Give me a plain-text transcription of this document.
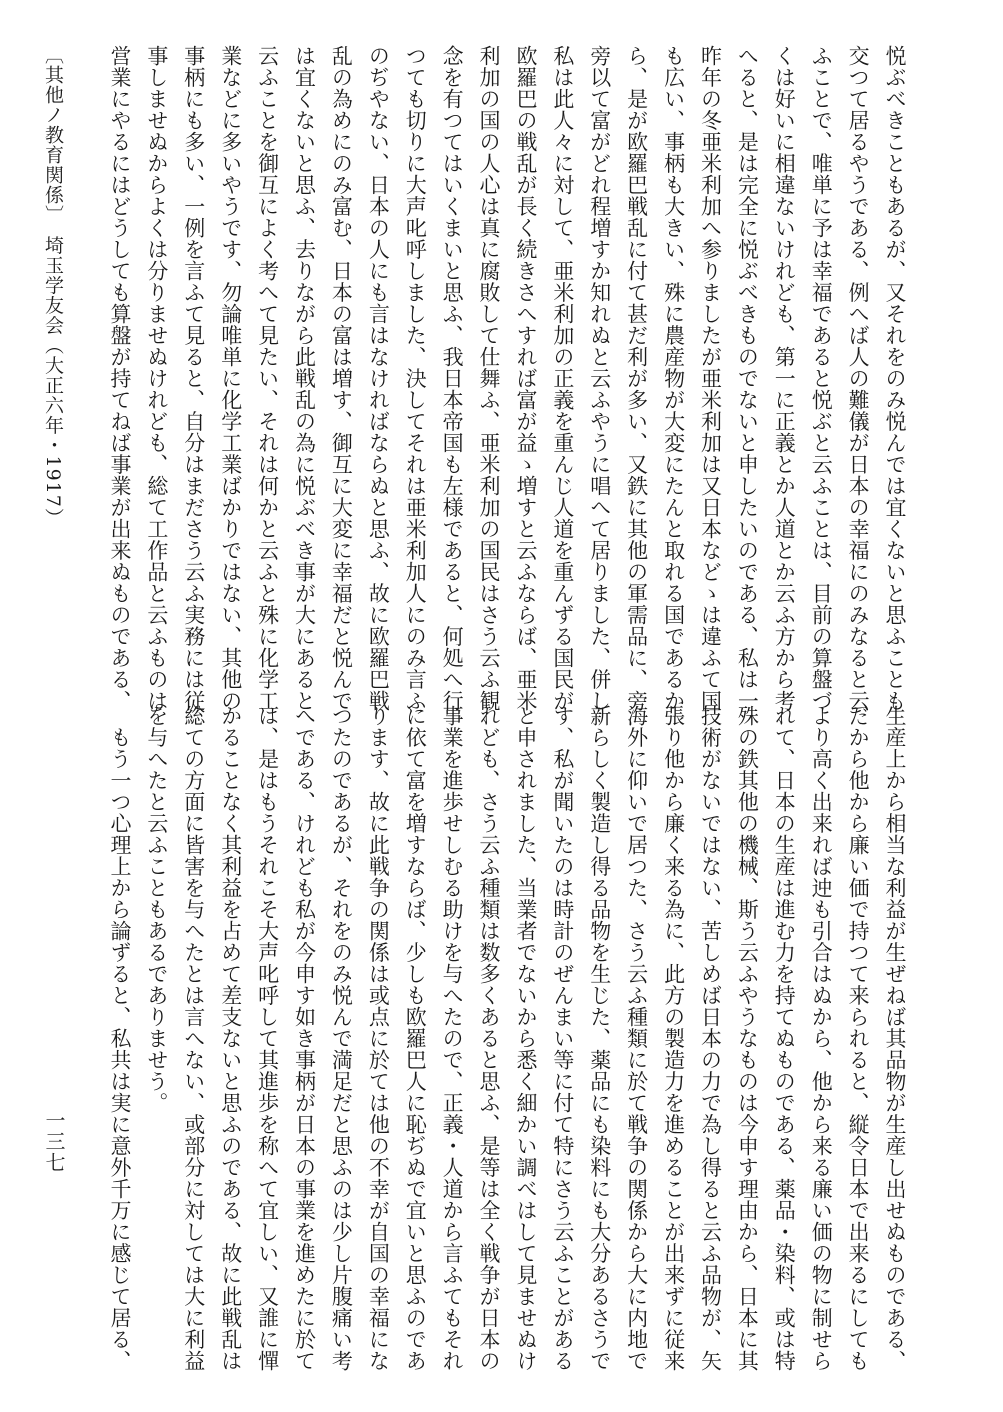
悦ぶべきこともあるが、又それをのみ悦んでは宜くないと思ふことも
交つて居るやうである、例へば人の難儀が日本の幸福にのみなると云
ふことで、唯単に予は幸福であると悦ぶと云ふことは、目前の算盤づ
くは好いに相違ないけれども、第一に正義とか人道とか云ふ方から考
へると、是は完全に悦ぶべきものでないと申したいのである、私は一
昨年の冬亜米利加へ参りましたが亜米利加は又日本などゝは違ふて国
も広い、事柄も大きい、殊に農産物が大変にたんと取れる国であるか
ら、是が欧羅巴戦乱に付て甚だ利が多い、又鉄に其他の軍需品に、旁
旁以て富がどれ程増すか知れぬと云ふやうに唱へて居りました、併し
私は此人々に対して、亜米利加の正義を重んじ人道を重んずる国民が
欧羅巴の戦乱が長く続きさへすれば富が益ゝ増すと云ふならば、亜米
利加の国の人心は真に腐敗して仕舞ふ、亜米利加の国民はさう云ふ観
念を有つてはいくまいと思ふ、我日本帝国も左様であると、何処へ行
つても切りに大声叱呼しました、決してそれは亜米利加人にのみ言ふ
のぢやない、日本の人にも言はなければならぬと思ふ、故に欧羅巴戦
乱の為めにのみ富む、日本の富は増す、御互に大変に幸福だと悦んで
は宜くないと思ふ、去りながら此戦乱の為に悦ぶべき事が大にあると
云ふことを御互によく考へて見たい、それは何かと云ふと殊に化学工
業などに多いやうです、勿論唯単に化学工業ばかりではない、其他の
事柄にも多い、一例を言ふて見ると、自分はまださう云ふ実務には従
事しませぬからよくは分りませぬけれども、総て工作品と云ふものは
営業にやるにはどうしても算盤が持てねば事業が出来ぬものである、
生産上から相当な利益が生ぜねば其品物が生産し出せぬものである、
だから他から廉い価で持つて来られると、縦令日本で出来るにしても
より高く出来れば迚も引合はぬから、他から来る廉い価の物に制せら
れて、日本の生産は進む力を持てぬものである、薬品・染料、或は特
殊の鉄其他の機械、斯う云ふやうなものは今申す理由から、日本に其
技術がないではない、苦しめば日本の力で為し得ると云ふ品物が、矢
張り他から廉く来る為に、此方の製造力を進めることが出来ずに従来
海外に仰いで居つた、さう云ふ種類に於て戦争の関係から大に内地で
新らしく製造し得る品物を生じた、薬品にも染料にも大分あるさうで
す、私が聞いたのは時計のぜんまい等に付て特にさう云ふことがある
と申されました、当業者でないから悉く細かい調べはして見ませぬけ
れども、さう云ふ種類は数多くあると思ふ、是等は全く戦争が日本の
事業を進歩せしむる助けを与へたので、正義・人道から言ふてもそれ
に依て富を増すならば、少しも欧羅巴人に恥ぢぬで宜いと思ふのであ
ります、故に此戦争の関係は或点に於ては他の不幸が自国の幸福にな
つたのであるが、それをのみ悦んで満足だと思ふのは少し片腹痛い考
へである、けれども私が今申す如き事柄が日本の事業を進めたに於て
は、是はもうそれこそ大声叱呼して其進歩を称へて宜しい、又誰に憚
かることなく其利益を占めて差支ないと思ふのである、故に此戦乱は
総ての方面に皆害を与へたとは言へない、或部分に対しては大に利益
を与へたと云ふこともあるでありませう。
　もう一つ心理上から論ずると、私共は実に意外千万に感じて居る、
〔其他ノ教育関係〕　埼玉学友会（大正六年・1917）
一三七
